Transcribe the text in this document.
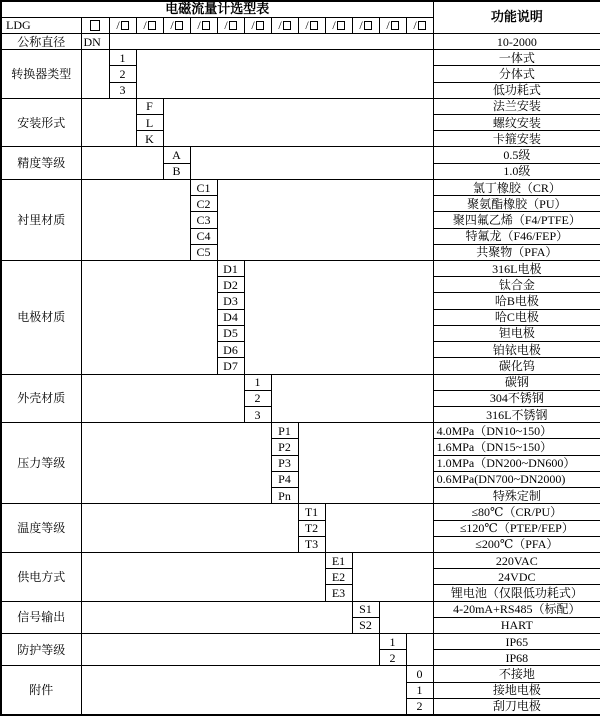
电磁流量计选型表														功能说明
LDG		/	/	/	/	/	/	/	/	/	/	/	/	
公称直径	DN													10-2000
转换器类型		1												一体式
		2												分体式
		3												低功耗式
安装形式			F											法兰安装
			L											螺纹安装
			K											卡箍安装
精度等级				A										0.5级
				B										1.0级
衬里材质					C1									氯丁橡胶（CR）
					C2									聚氨酯橡胶（PU）
					C3									聚四氟乙烯（F4/PTFE）
					C4									特氟龙（F46/FEP）
					C5									共聚物（PFA）
电极材质						D1								316L电极
						D2								钛合金
						D3								哈B电极
						D4								哈C电极
						D5								钽电极
						D6								铂铱电极
						D7								碳化钨
外壳材质							1							碳钢
							2							304不锈钢
							3							316L不锈钢
压力等级								P1						4.0MPa（DN10~150）
								P2						1.6MPa（DN15~150）
								P3						1.0MPa（DN200~DN600）
								P4						0.6MPa(DN700~DN2000)
								Pn						特殊定制
温度等级									T1					≤80℃（CR/PU）
									T2					≤120℃（PTEP/FEP）
									T3					≤200℃（PFA）
供电方式										E1				220VAC
										E2				24VDC
										E3				锂电池（仅限低功耗式）
信号输出											S1			4-20mA+RS485（标配）
											S2			HART
防护等级												1		IP65
												2		IP68
附件													0	不接地
													1	接地电极
													2	刮刀电极
